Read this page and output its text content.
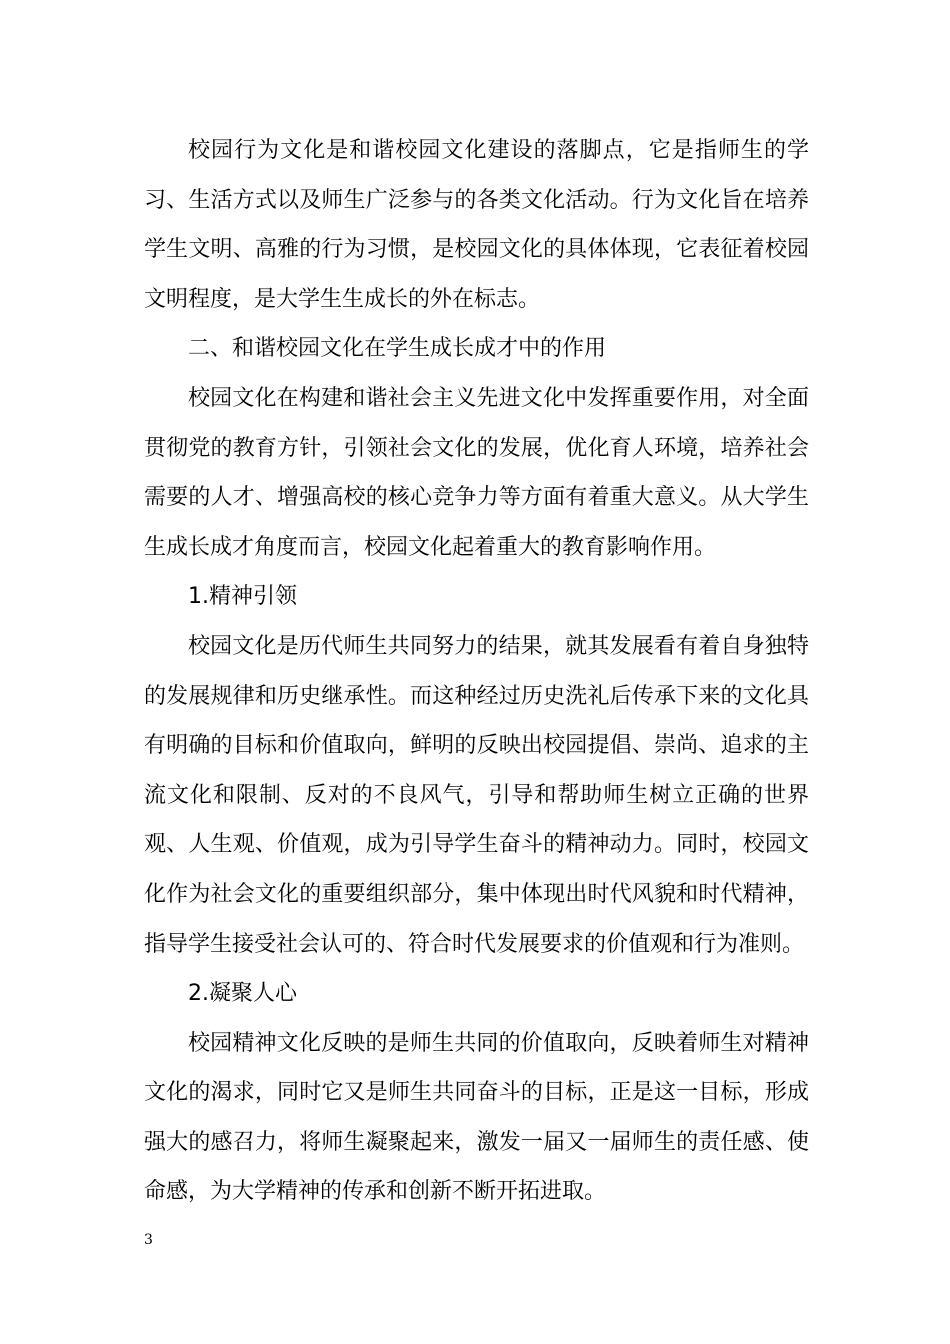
校园行为文化是和谐校园文化建设的落脚点，它是指师生的学习、生活方式以及师生广泛参与的各类文化活动。行为文化旨在培养学生文明、高雅的行为习惯，是校园文化的具体体现，它表征着校园文明程度，是大学生生成长的外在标志。

二、和谐校园文化在学生成长成才中的作用

校园文化在构建和谐社会主义先进文化中发挥重要作用，对全面贯彻党的教育方针，引领社会文化的发展，优化育人环境，培养社会需要的人才、增强高校的核心竞争力等方面有着重大意义。从大学生生成长成才角度而言，校园文化起着重大的教育影响作用。

1.精神引领

校园文化是历代师生共同努力的结果，就其发展看有着自身独特的发展规律和历史继承性。而这种经过历史洗礼后传承下来的文化具有明确的目标和价值取向，鲜明的反映出校园提倡、崇尚、追求的主流文化和限制、反对的不良风气，引导和帮助师生树立正确的世界观、人生观、价值观，成为引导学生奋斗的精神动力。同时，校园文化作为社会文化的重要组织部分，集中体现出时代风貌和时代精神，指导学生接受社会认可的、符合时代发展要求的价值观和行为准则。

2.凝聚人心

校园精神文化反映的是师生共同的价值取向，反映着师生对精神文化的渴求，同时它又是师生共同奋斗的目标，正是这一目标，形成强大的感召力，将师生凝聚起来，激发一届又一届师生的责任感、使命感，为大学精神的传承和创新不断开拓进取。

3
